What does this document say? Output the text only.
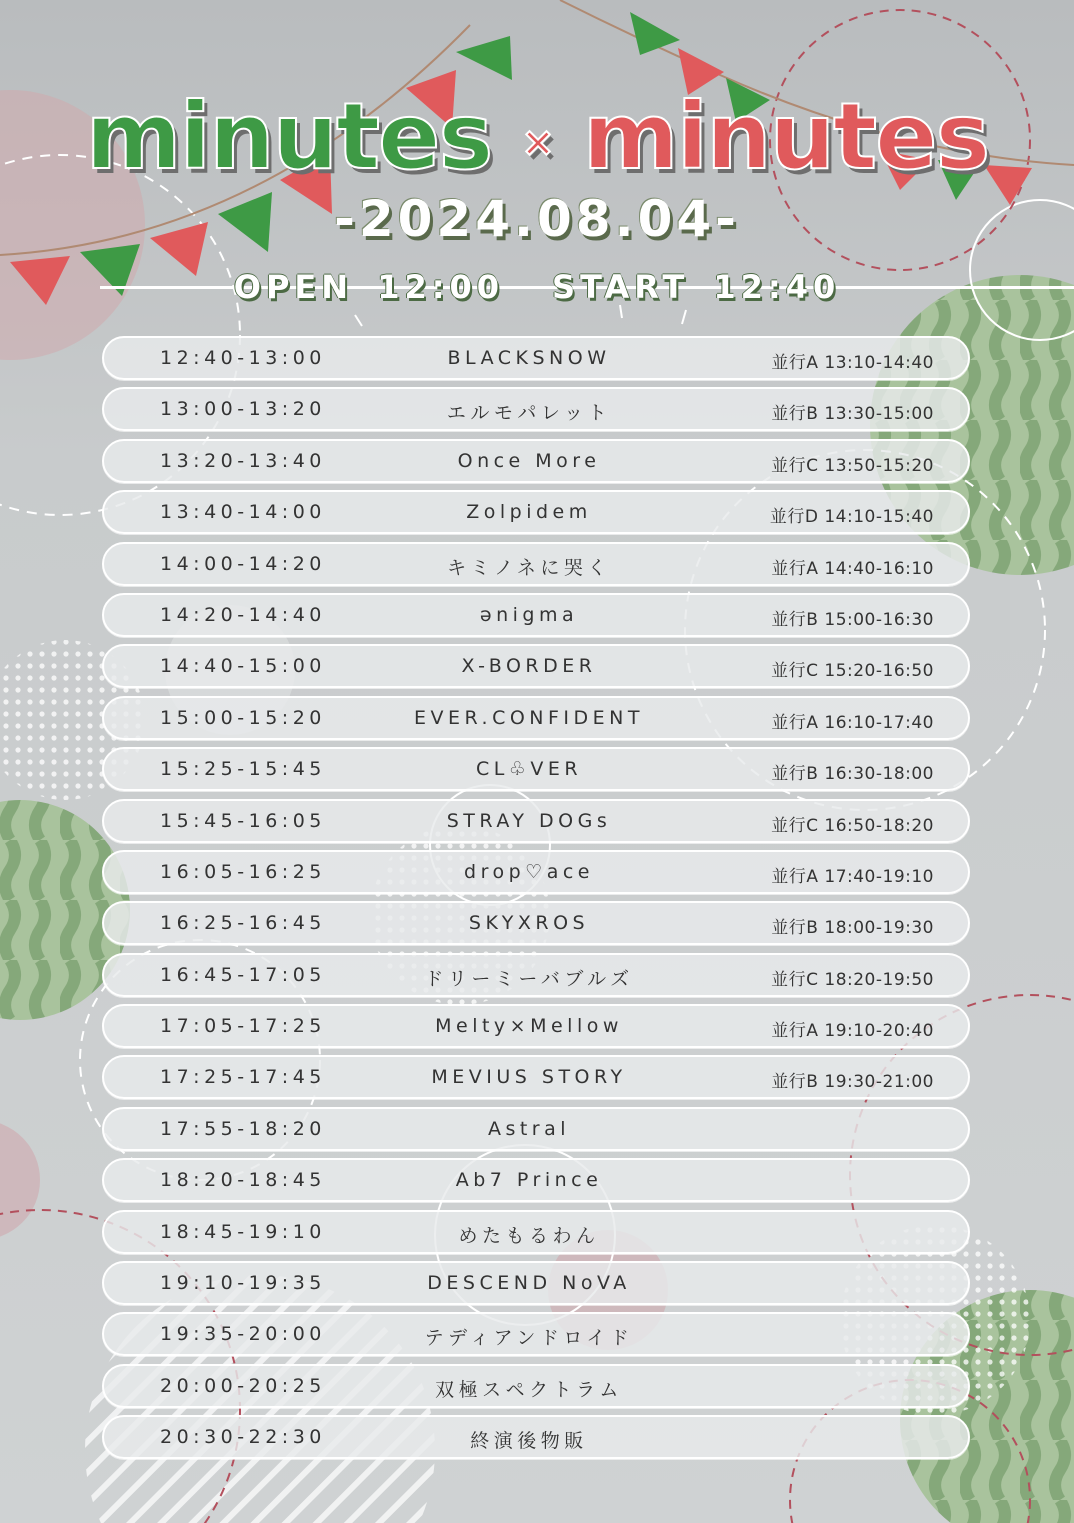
minutes × minutes
-2024.08.04-
OPEN 12:00 START 12:40
12:40-13:00	BLACKSNOW	並行A 13:10-14:40
13:00-13:20	エルモパレット	並行B 13:30-15:00
13:20-13:40	Once More	並行C 13:50-15:20
13:40-14:00	Zolpidem	並行D 14:10-15:40
14:00-14:20	キミノネに哭く	並行A 14:40-16:10
14:20-14:40	ənigma	並行B 15:00-16:30
14:40-15:00	X-BORDER	並行C 15:20-16:50
15:00-15:20	EVER.CONFIDENT	並行A 16:10-17:40
15:25-15:45	CL♧VER	並行B 16:30-18:00
15:45-16:05	STRAY DOGs	並行C 16:50-18:20
16:05-16:25	drop♡ace	並行A 17:40-19:10
16:25-16:45	SKYXROS	並行B 18:00-19:30
16:45-17:05	ドリーミーバブルズ	並行C 18:20-19:50
17:05-17:25	Melty×Mellow	並行A 19:10-20:40
17:25-17:45	MEVIUS STORY	並行B 19:30-21:00
17:55-18:20	Astral
18:20-18:45	Ab7 Prince
18:45-19:10	めたもるわん
19:10-19:35	DESCEND NoVA
19:35-20:00	テディアンドロイド
20:00-20:25	双極スペクトラム
20:30-22:30	終演後物販
